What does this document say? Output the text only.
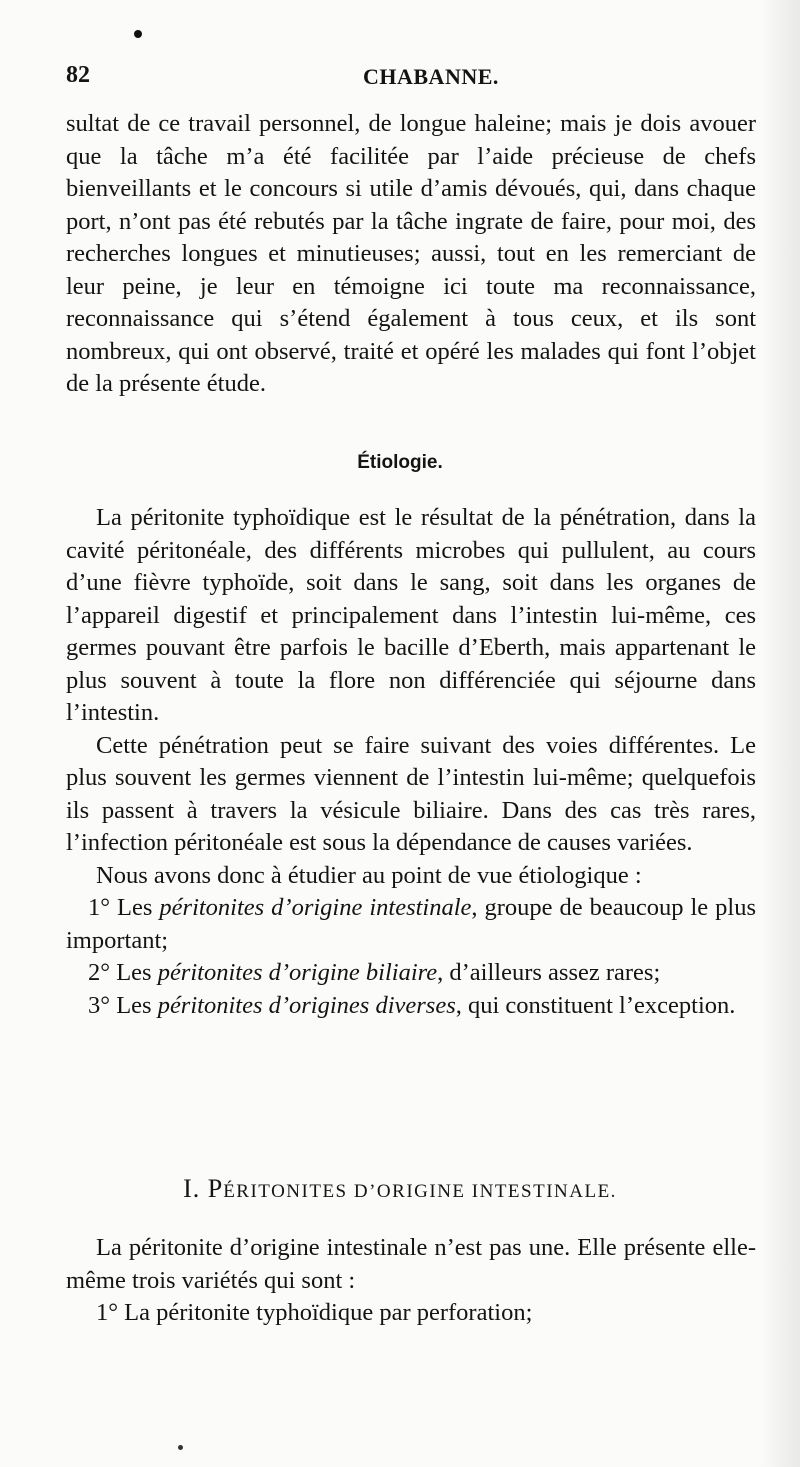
82	CHABANNE.

sultat de ce travail personnel, de longue haleine; mais je dois avouer que la tâche m’a été facilitée par l’aide précieuse de chefs bienveillants et le concours si utile d’amis dévoués, qui, dans chaque port, n’ont pas été rebutés par la tâche ingrate de faire, pour moi, des recherches longues et minutieuses; aussi, tout en les remerciant de leur peine, je leur en témoigne ici toute ma reconnaissance, reconnaissance qui s’étend également à tous ceux, et ils sont nombreux, qui ont observé, traité et opéré les malades qui font l’objet de la présente étude.

Étiologie.

La péritonite typhoïdique est le résultat de la pénétration, dans la cavité péritonéale, des différents microbes qui pullulent, au cours d’une fièvre typhoïde, soit dans le sang, soit dans les organes de l’appareil digestif et principalement dans l’intestin lui-même, ces germes pouvant être parfois le bacille d’Eberth, mais appartenant le plus souvent à toute la flore non différenciée qui séjourne dans l’intestin.

Cette pénétration peut se faire suivant des voies différentes. Le plus souvent les germes viennent de l’intestin lui-même; quelquefois ils passent à travers la vésicule biliaire. Dans des cas très rares, l’infection péritonéale est sous la dépendance de causes variées.

Nous avons donc à étudier au point de vue étiologique :

1° Les péritonites d’origine intestinale, groupe de beaucoup le plus important;

2° Les péritonites d’origine biliaire, d’ailleurs assez rares;

3° Les péritonites d’origines diverses, qui constituent l’exception.

I. PÉRITONITES D’ORIGINE INTESTINALE.

La péritonite d’origine intestinale n’est pas une. Elle présente elle-même trois variétés qui sont :

1° La péritonite typhoïdique par perforation;
